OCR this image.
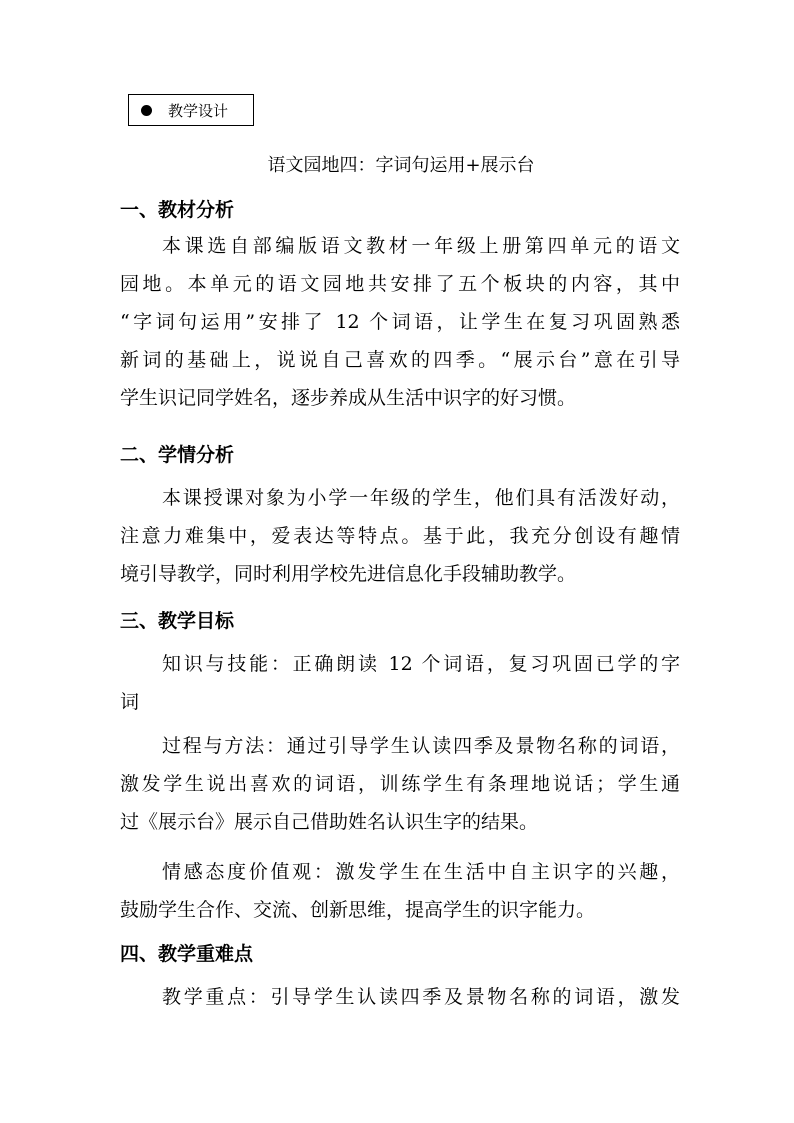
教学设计
语文园地四：字词句运用+展示台
一、教材分析
本课选自部编版语文教材一年级上册第四单元的语文
园地。本单元的语文园地共安排了五个板块的内容，其中
“字词句运用”安排了 12 个词语，让学生在复习巩固熟悉
新词的基础上，说说自己喜欢的四季。“展示台”意在引导
学生识记同学姓名，逐步养成从生活中识字的好习惯。
二、学情分析
本课授课对象为小学一年级的学生，他们具有活泼好动，
注意力难集中，爱表达等特点。基于此，我充分创设有趣情
境引导教学，同时利用学校先进信息化手段辅助教学。
三、教学目标
知识与技能：正确朗读 12 个词语，复习巩固已学的字
词
过程与方法：通过引导学生认读四季及景物名称的词语，
激发学生说出喜欢的词语，训练学生有条理地说话；学生通
过《展示台》展示自己借助姓名认识生字的结果。
情感态度价值观：激发学生在生活中自主识字的兴趣，
鼓励学生合作、交流、创新思维，提高学生的识字能力。
四、教学重难点
教学重点：引导学生认读四季及景物名称的词语，激发
